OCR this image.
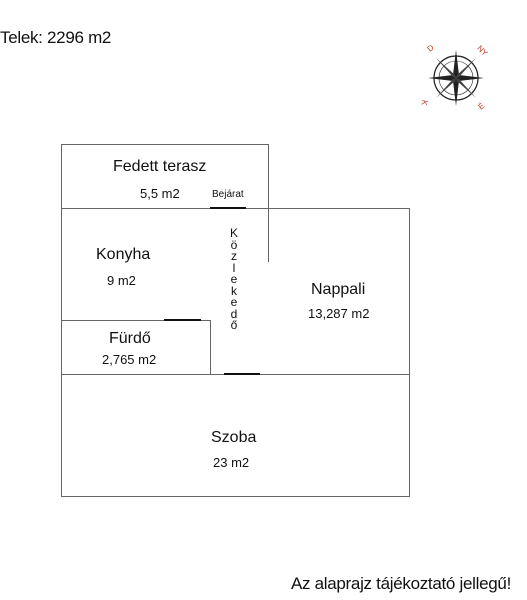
Telek: 2296 m2
D	NY
É
K
Fedett terasz
5,5 m2	Bejárat
Konyha
9 m2
K
ö
z
l
e
k
e
d
ő
Nappali
13,287 m2
Fürdő
2,765 m2
Szoba
23 m2
Az alaprajz tájékoztató jellegű!
